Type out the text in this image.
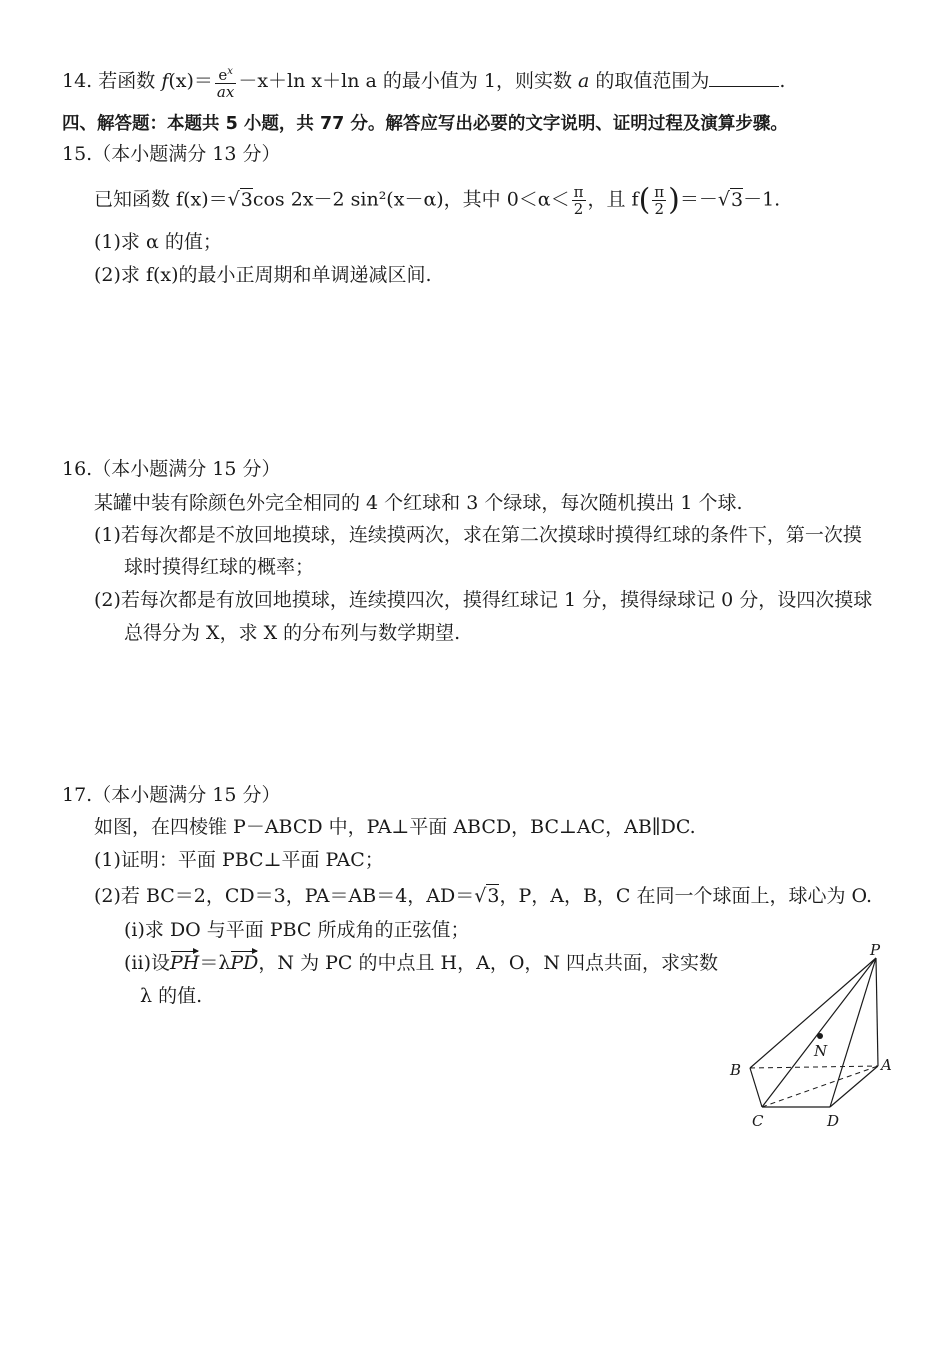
14. 若函数 $f(x)= \frac{e^x}{ax} -x+\ln$ x＋ln a 的最小值为 1，则实数 a 的取值范围为	.
四、解答题：本题共 5 小题，共 77 分。解答应写出必要的文字说明、证明过程及演算步骤。
15.（本小题满分 13 分）
已知函数 f(x)＝√3cos 2x－2 sin²(x－α)，其中 $0<\alpha< \frac{\pi}{2}$ ，且 $f( \frac{\pi}{2} )=-√3-1$.
(1)求 α 的值；
(2)求 f(x)的最小正周期和单调递减区间.
16.（本小题满分 15 分）
某罐中装有除颜色外完全相同的 4 个红球和 3 个绿球，每次随机摸出 1 个球.
(1)若每次都是不放回地摸球，连续摸两次，求在第二次摸球时摸得红球的条件下，第一次摸
球时摸得红球的概率；
(2)若每次都是有放回地摸球，连续摸四次，摸得红球记 1 分，摸得绿球记 0 分，设四次摸球
总得分为 X，求 X 的分布列与数学期望.
17.（本小题满分 15 分）
如图，在四棱锥 P－ABCD 中，PA⊥平面 ABCD，BC⊥AC，AB∥DC.
(1)证明：平面 PBC⊥平面 PAC；
(2)若 BC＝2，CD＝3，PA＝AB＝4，AD＝√3，P，A，B，C 在同一个球面上，球心为 O.
(i)求 DO 与平面 PBC 所成角的正弦值；
(ii)设PH＝λPD，N 为 PC 的中点且 H，A，O，N 四点共面，求实数
λ 的值.
P
A
B
C	D
N
